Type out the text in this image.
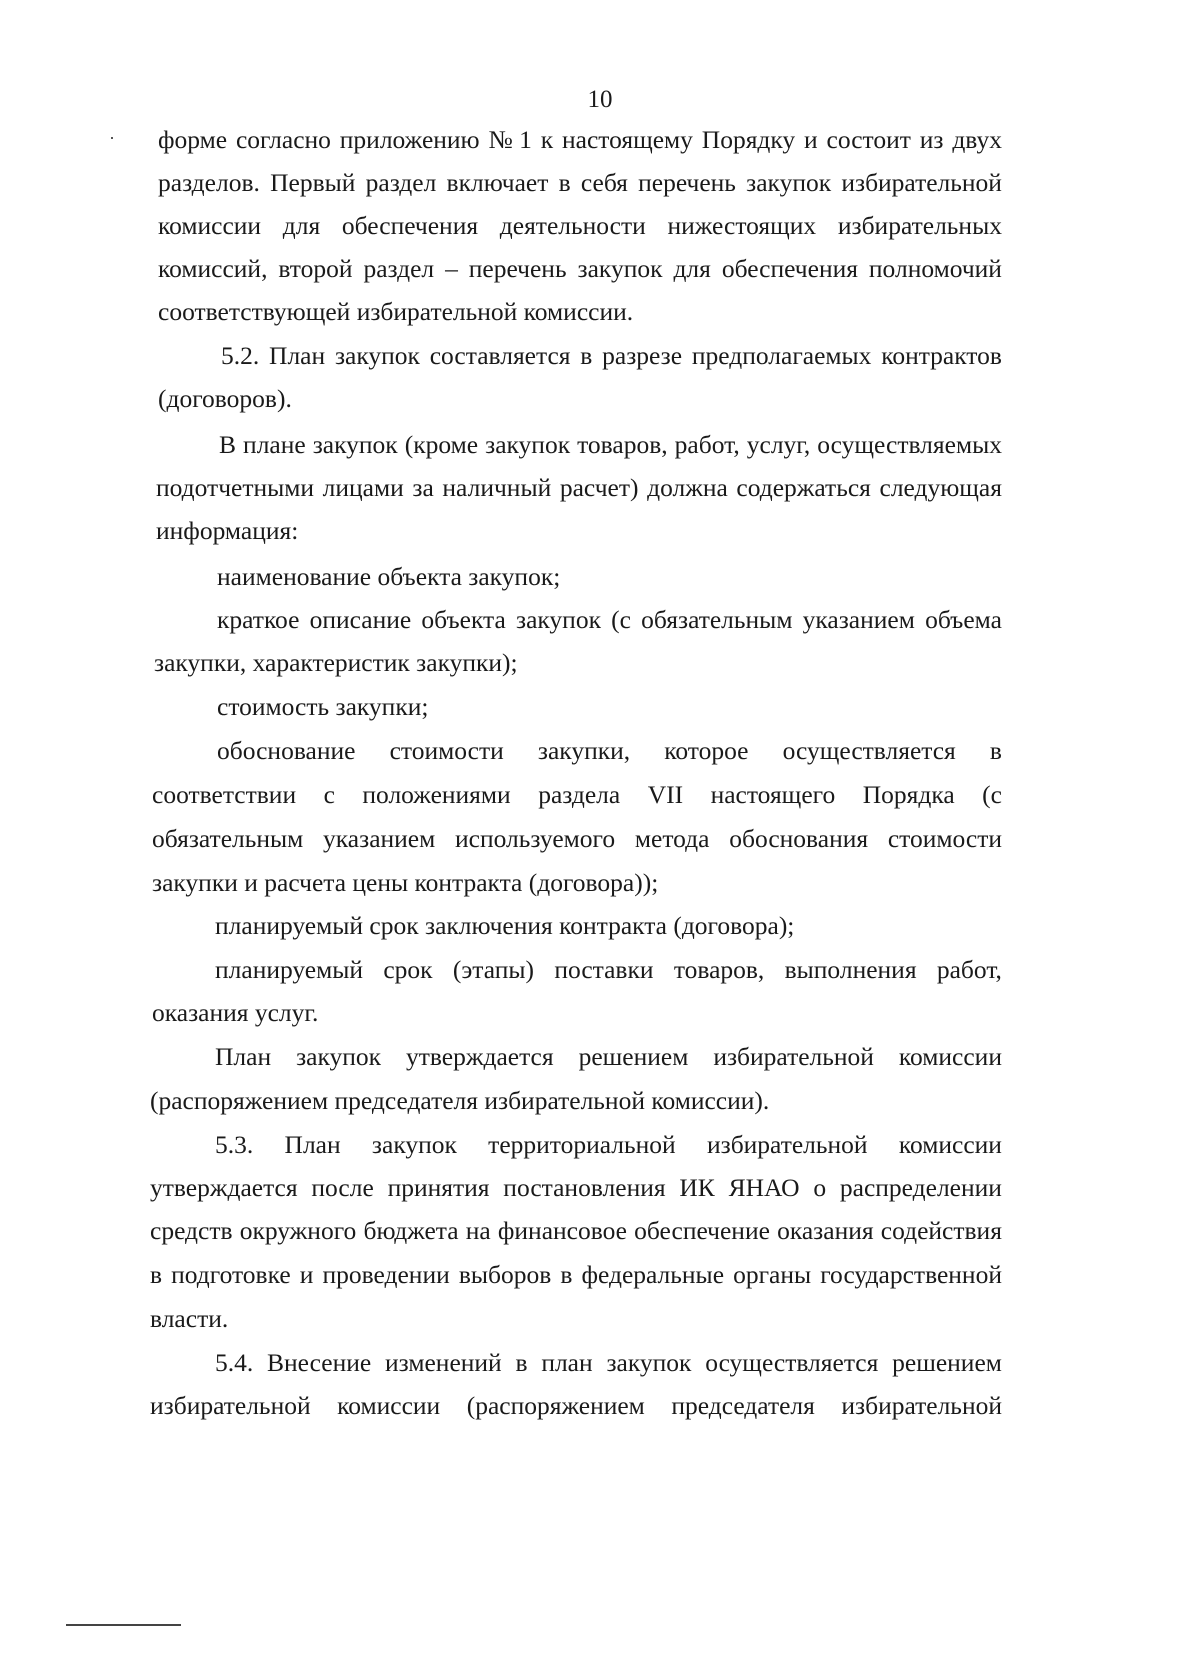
10
форме согласно приложению № 1 к настоящему Порядку и состоит из двух
разделов. Первый раздел включает в себя перечень закупок избирательной
комиссии для обеспечения деятельности нижестоящих избирательных
комиссий, второй раздел – перечень закупок для обеспечения полномочий
соответствующей избирательной комиссии.
5.2. План закупок составляется в разрезе предполагаемых контрактов
(договоров).
В плане закупок (кроме закупок товаров, работ, услуг, осуществляемых
подотчетными лицами за наличный расчет) должна содержаться следующая
информация:
наименование объекта закупок;
краткое описание объекта закупок (с обязательным указанием объема
закупки, характеристик закупки);
стоимость закупки;
обоснование стоимости закупки, которое осуществляется в
соответствии с положениями раздела VII настоящего Порядка (с
обязательным указанием используемого метода обоснования стоимости
закупки и расчета цены контракта (договора));
планируемый срок заключения контракта (договора);
планируемый срок (этапы) поставки товаров, выполнения работ,
оказания услуг.
План закупок утверждается решением избирательной комиссии
(распоряжением председателя избирательной комиссии).
5.3. План закупок территориальной избирательной комиссии
утверждается после принятия постановления ИК ЯНАО о распределении
средств окружного бюджета на финансовое обеспечение оказания содействия
в подготовке и проведении выборов в федеральные органы государственной
власти.
5.4. Внесение изменений в план закупок осуществляется решением
избирательной комиссии (распоряжением председателя избирательной
